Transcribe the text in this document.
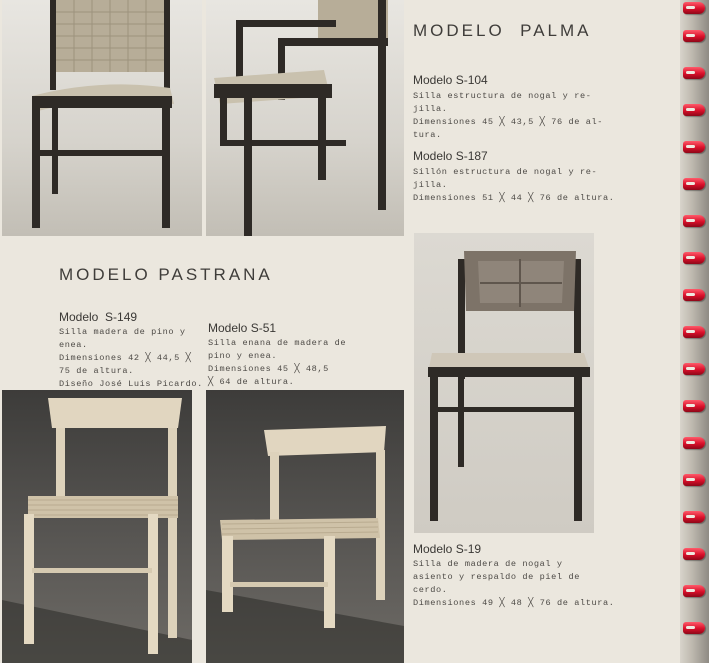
MODELO  PALMA
Modelo S-104
Silla estructura de nogal y re-
jilla.
Dimensiones 45 ╳ 43,5 ╳ 76 de al-
tura.
Modelo S-187
Sillón estructura de nogal y re-
jilla.
Dimensiones 51 ╳ 44 ╳ 76 de altura.
MODELO PASTRANA
Modelo  S-149
Silla madera de pino y
enea.
Dimensiones 42 ╳ 44,5 ╳
75 de altura.
Diseño José Luis Picardo.
Modelo S-51
Silla enana de madera de
pino y enea.
Dimensiones 45 ╳ 48,5
╳ 64 de altura.
Modelo S-19
Silla de madera de nogal y
asiento y respaldo de piel de
cerdo.
Dimensiones 49 ╳ 48 ╳ 76 de altura.
